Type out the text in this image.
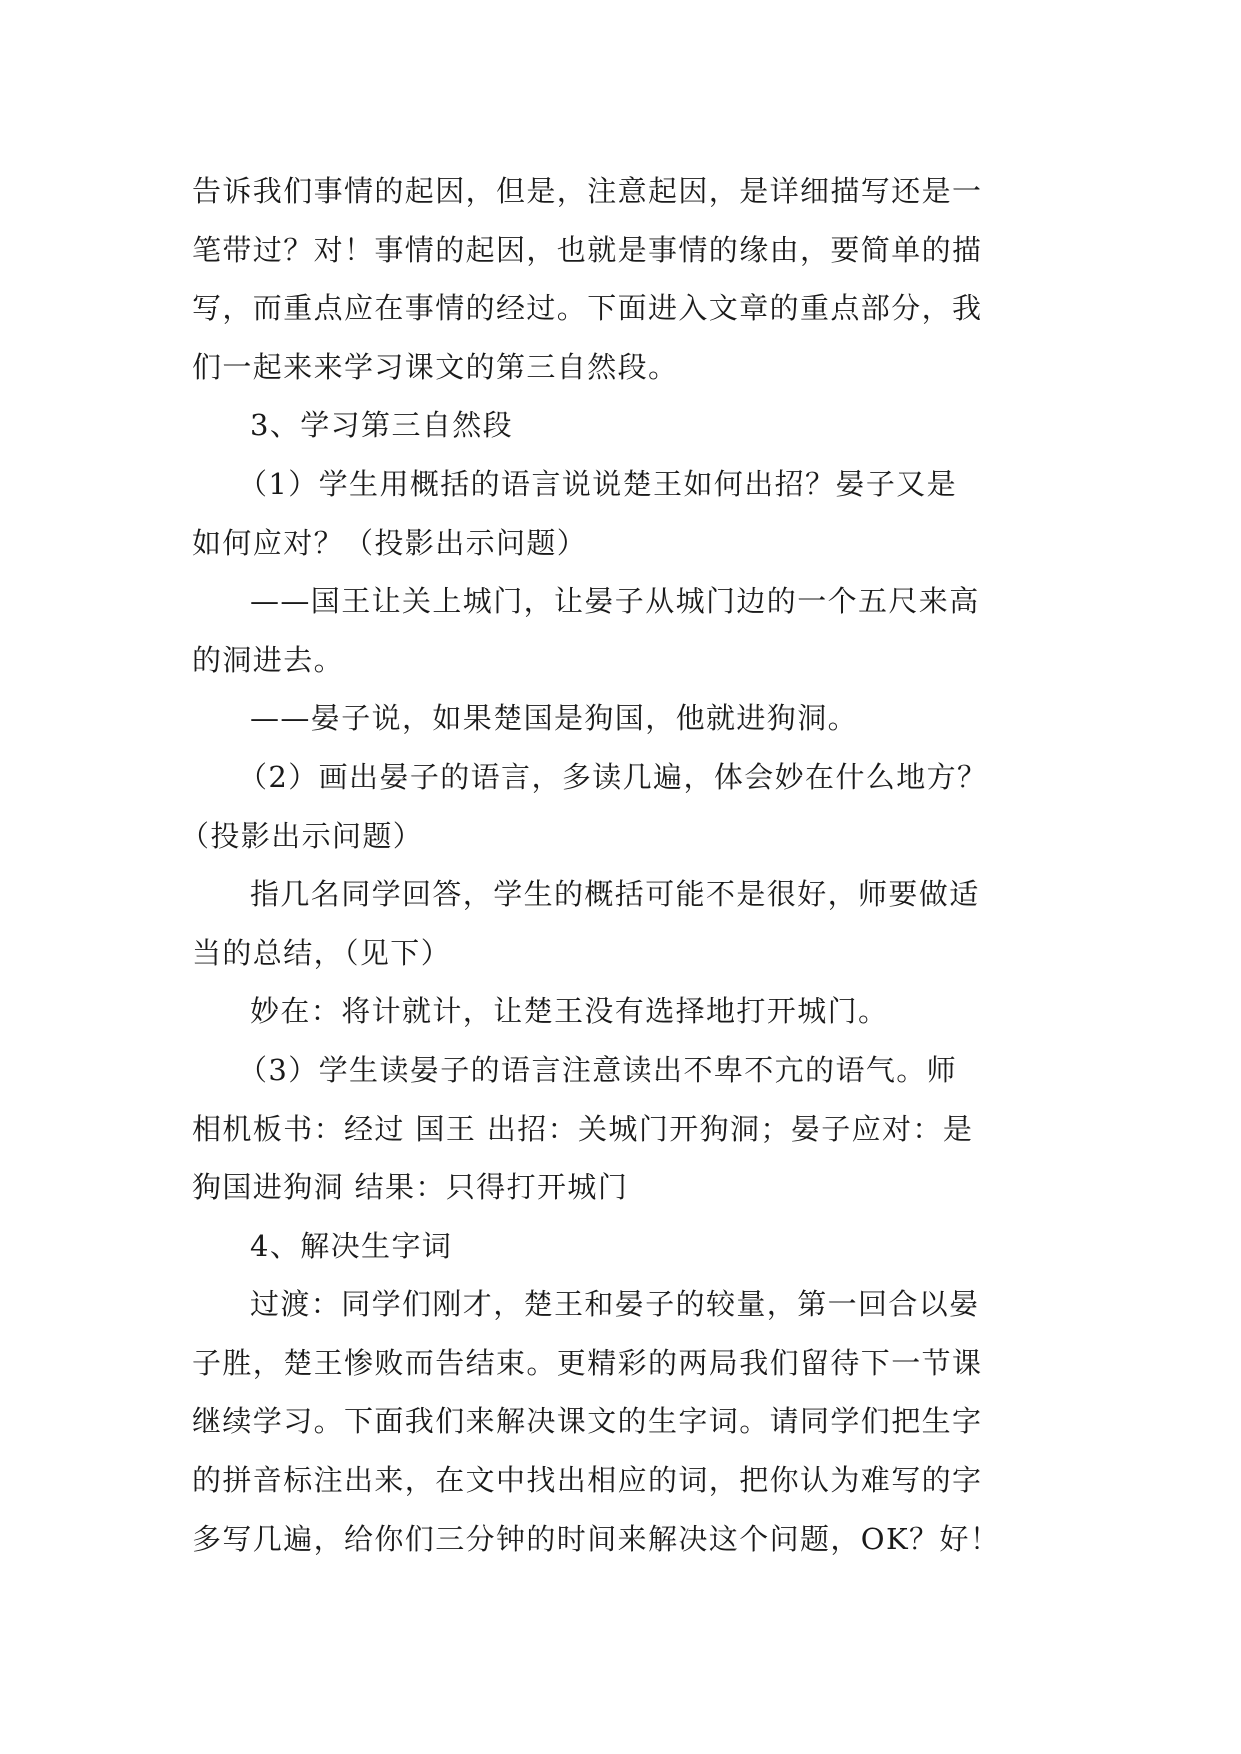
告诉我们事情的起因，但是，注意起因，是详细描写还是一
笔带过？对！事情的起因，也就是事情的缘由，要简单的描
写，而重点应在事情的经过。下面进入文章的重点部分，我
们一起来来学习课文的第三自然段。
3、学习第三自然段
（1）学生用概括的语言说说楚王如何出招？晏子又是
如何应对？（投影出示问题）
——国王让关上城门，让晏子从城门边的一个五尺来高
的洞进去。
——晏子说，如果楚国是狗国，他就进狗洞。
（2）画出晏子的语言，多读几遍，体会妙在什么地方？
（投影出示问题）
指几名同学回答，学生的概括可能不是很好，师要做适
当的总结，（见下）
妙在：将计就计，让楚王没有选择地打开城门。
（3）学生读晏子的语言注意读出不卑不亢的语气。师
相机板书：经过 国王 出招：关城门开狗洞；晏子应对：是
狗国进狗洞 结果：只得打开城门
4、解决生字词
过渡：同学们刚才，楚王和晏子的较量，第一回合以晏
子胜，楚王惨败而告结束。更精彩的两局我们留待下一节课
继续学习。下面我们来解决课文的生字词。请同学们把生字
的拼音标注出来，在文中找出相应的词，把你认为难写的字
多写几遍，给你们三分钟的时间来解决这个问题，OK？好！
